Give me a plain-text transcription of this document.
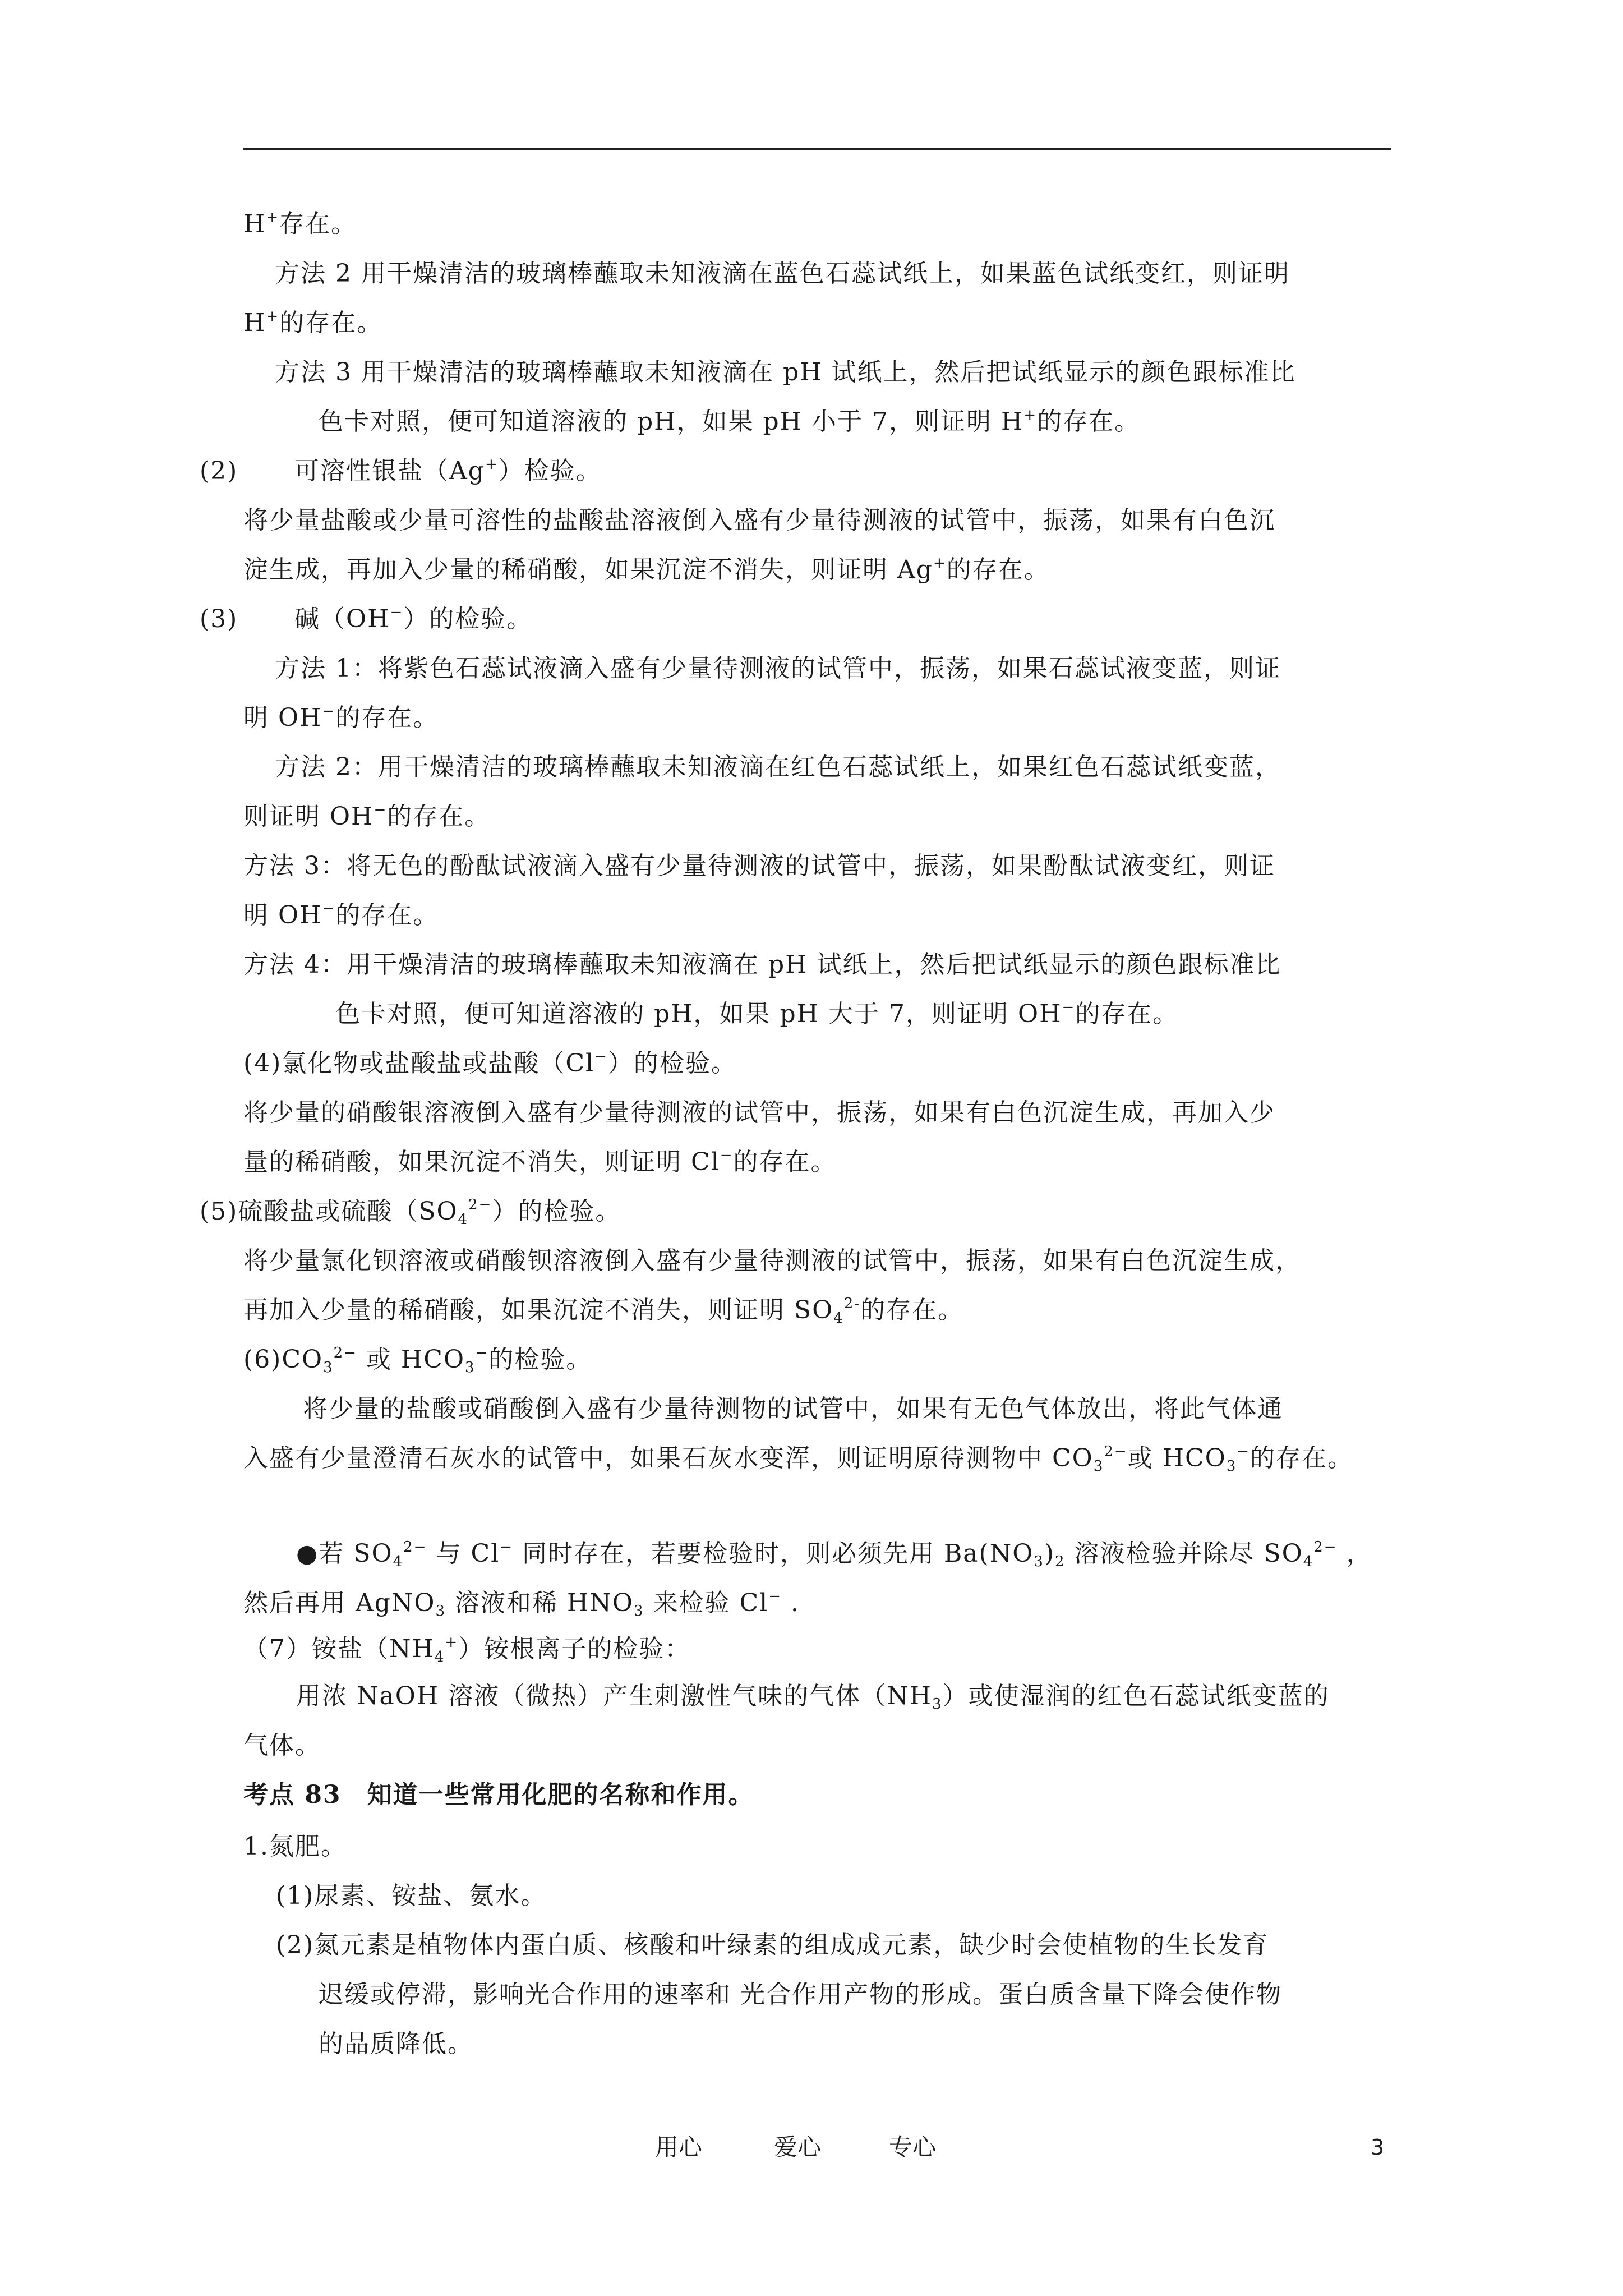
H+存在。
方法 2 用干燥清洁的玻璃棒蘸取未知液滴在蓝色石蕊试纸上，如果蓝色试纸变红，则证明
H+的存在。
方法 3 用干燥清洁的玻璃棒蘸取未知液滴在 pH 试纸上，然后把试纸显示的颜色跟标准比
色卡对照，便可知道溶液的 pH，如果 pH 小于 7，则证明 H+的存在。
(2) 可溶性银盐（Ag+）检验。
将少量盐酸或少量可溶性的盐酸盐溶液倒入盛有少量待测液的试管中，振荡，如果有白色沉
淀生成，再加入少量的稀硝酸，如果沉淀不消失，则证明 Ag+的存在。
(3) 碱（OH−）的检验。
方法 1：将紫色石蕊试液滴入盛有少量待测液的试管中，振荡，如果石蕊试液变蓝，则证
明 OH−的存在。
方法 2：用干燥清洁的玻璃棒蘸取未知液滴在红色石蕊试纸上，如果红色石蕊试纸变蓝，
则证明 OH−的存在。
方法 3：将无色的酚酞试液滴入盛有少量待测液的试管中，振荡，如果酚酞试液变红，则证
明 OH−的存在。
方法 4：用干燥清洁的玻璃棒蘸取未知液滴在 pH 试纸上，然后把试纸显示的颜色跟标准比
色卡对照，便可知道溶液的 pH，如果 pH 大于 7，则证明 OH−的存在。
(4)氯化物或盐酸盐或盐酸（Cl−）的检验。
将少量的硝酸银溶液倒入盛有少量待测液的试管中，振荡，如果有白色沉淀生成，再加入少
量的稀硝酸，如果沉淀不消失，则证明 Cl−的存在。
(5)硫酸盐或硫酸$(SO_4^{2-})$的检验。
将少量氯化钡溶液或硝酸钡溶液倒入盛有少量待测液的试管中，振荡，如果有白色沉淀生成，
再加入少量的稀硝酸，如果沉淀不消失，则证明 $SO_4^{2-}$的存在。
$(6)CO_3^{2-}$ 或 $HCO_3^-$的检验。
将少量的盐酸或硝酸倒入盛有少量待测物的试管中，如果有无色气体放出，将此气体通
入盛有少量澄清石灰水的试管中，如果石灰水变浑，则证明原待测物中 $CO_3^{2-}$或 $HCO_3^-$的存在。
●若 $SO_4^{2-}$ 与 Cl− 同时存在，若要检验时，则必须先用 $Ba(NO_3)_2$ 溶液检验并除尽 $SO_4^{2-}$ ，
然后再用 AgNO$_3$ 溶液和稀 $HNO_3$ 来检验 Cl− .
（7）铵盐$(NH_4^+)$铵根离子的检验：
用浓 NaOH 溶液（微热）产生刺激性气味的气体$(NH_3)$或使湿润的红色石蕊试纸变蓝的
气体。
考点 83　知道一些常用化肥的名称和作用。
1.氮肥。
(1)尿素、铵盐、氨水。
(2)氮元素是植物体内蛋白质、核酸和叶绿素的组成成元素，缺少时会使植物的生长发育
迟缓或停滞，影响光合作用的速率和 光合作用产物的形成。蛋白质含量下降会使作物
的品质降低。
用心	爱心	专心	3
